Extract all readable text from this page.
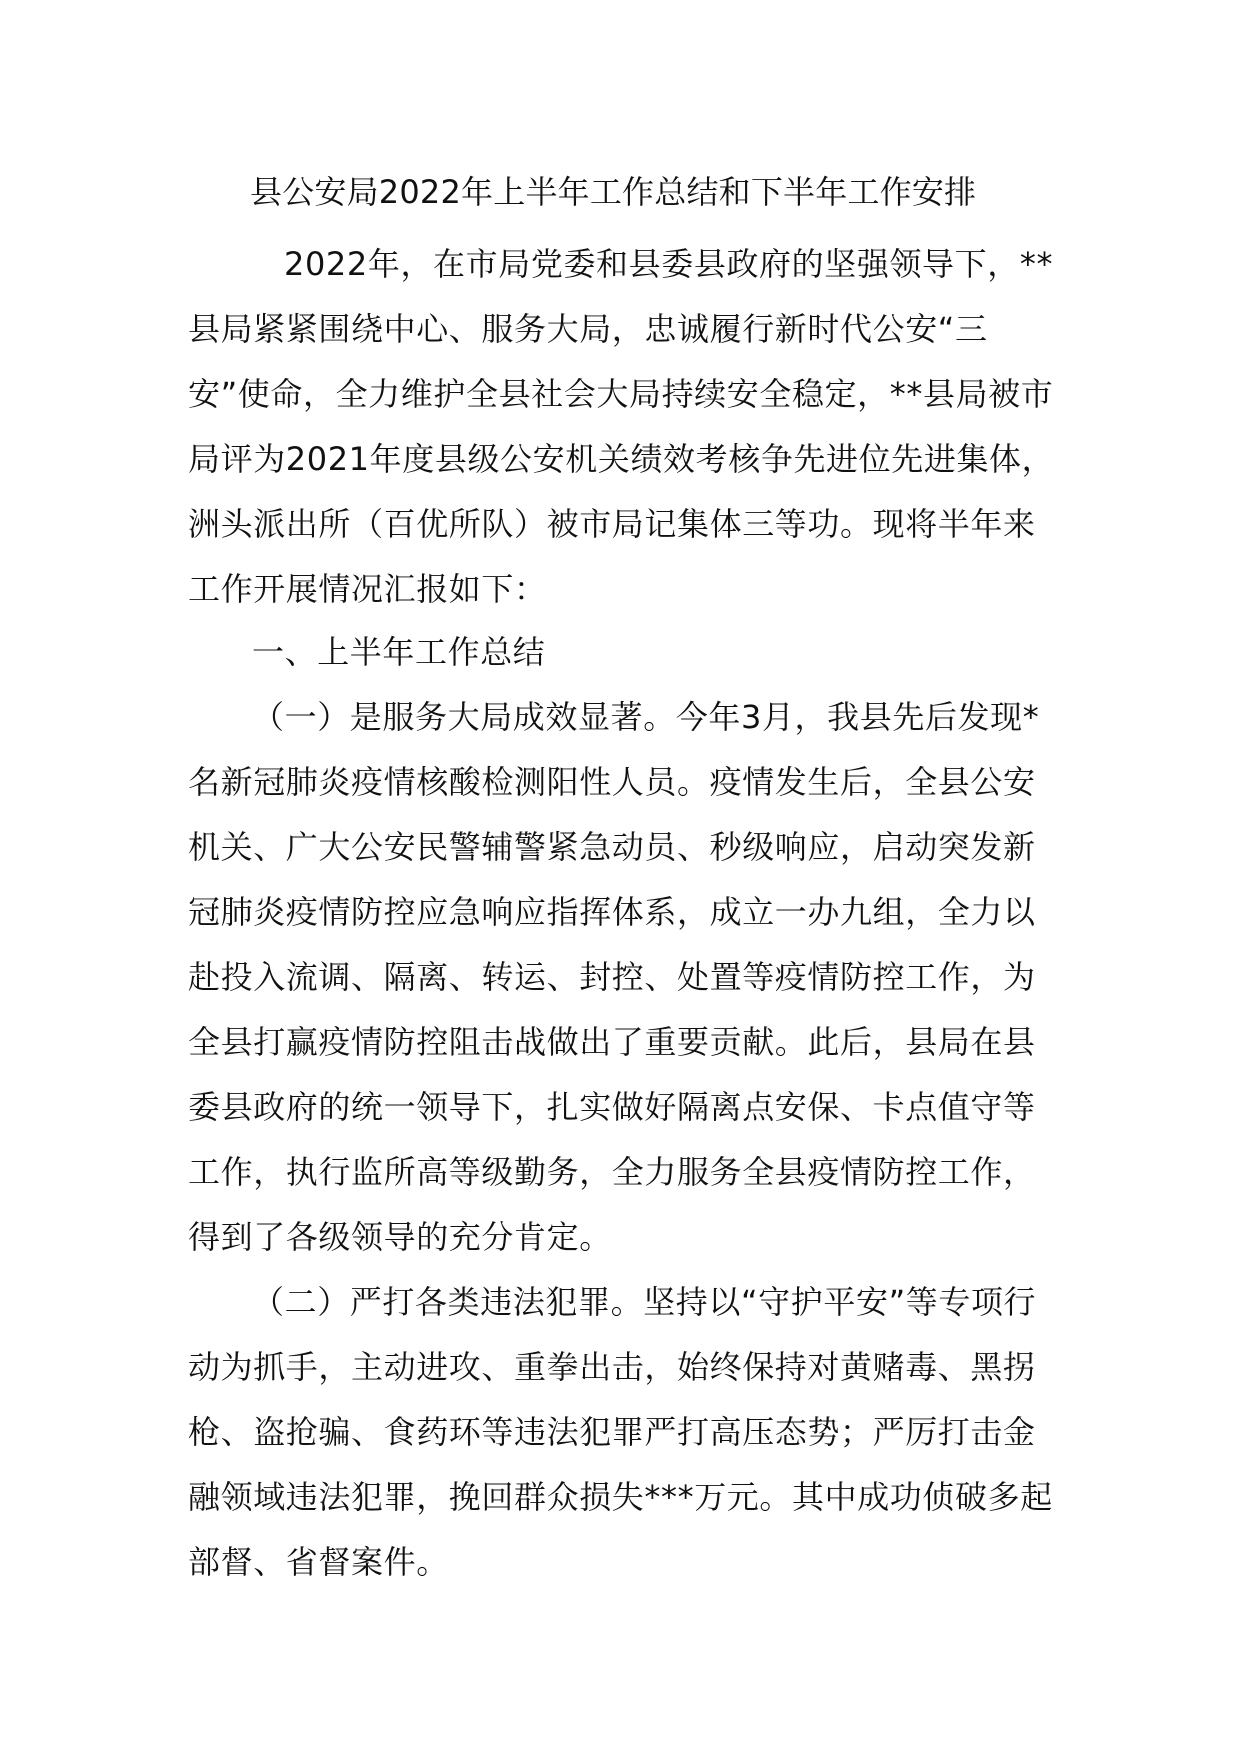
县公安局2022年上半年工作总结和下半年工作安排

2022年，在市局党委和县委县政府的坚强领导下，**县局紧紧围绕中心、服务大局，忠诚履行新时代公安“三安”使命，全力维护全县社会大局持续安全稳定，**县局被市局评为2021年度县级公安机关绩效考核争先进位先进集体，洲头派出所（百优所队）被市局记集体三等功。现将半年来工作开展情况汇报如下：

一、上半年工作总结

（一）是服务大局成效显著。今年3月，我县先后发现*名新冠肺炎疫情核酸检测阳性人员。疫情发生后，全县公安机关、广大公安民警辅警紧急动员、秒级响应，启动突发新冠肺炎疫情防控应急响应指挥体系，成立一办九组，全力以赴投入流调、隔离、转运、封控、处置等疫情防控工作，为全县打赢疫情防控阻击战做出了重要贡献。此后，县局在县委县政府的统一领导下，扎实做好隔离点安保、卡点值守等工作，执行监所高等级勤务，全力服务全县疫情防控工作，得到了各级领导的充分肯定。

（二）严打各类违法犯罪。坚持以“守护平安”等专项行动为抓手，主动进攻、重拳出击，始终保持对黄赌毒、黑拐枪、盗抢骗、食药环等违法犯罪严打高压态势；严厉打击金融领域违法犯罪，挽回群众损失***万元。其中成功侦破多起部督、省督案件。
